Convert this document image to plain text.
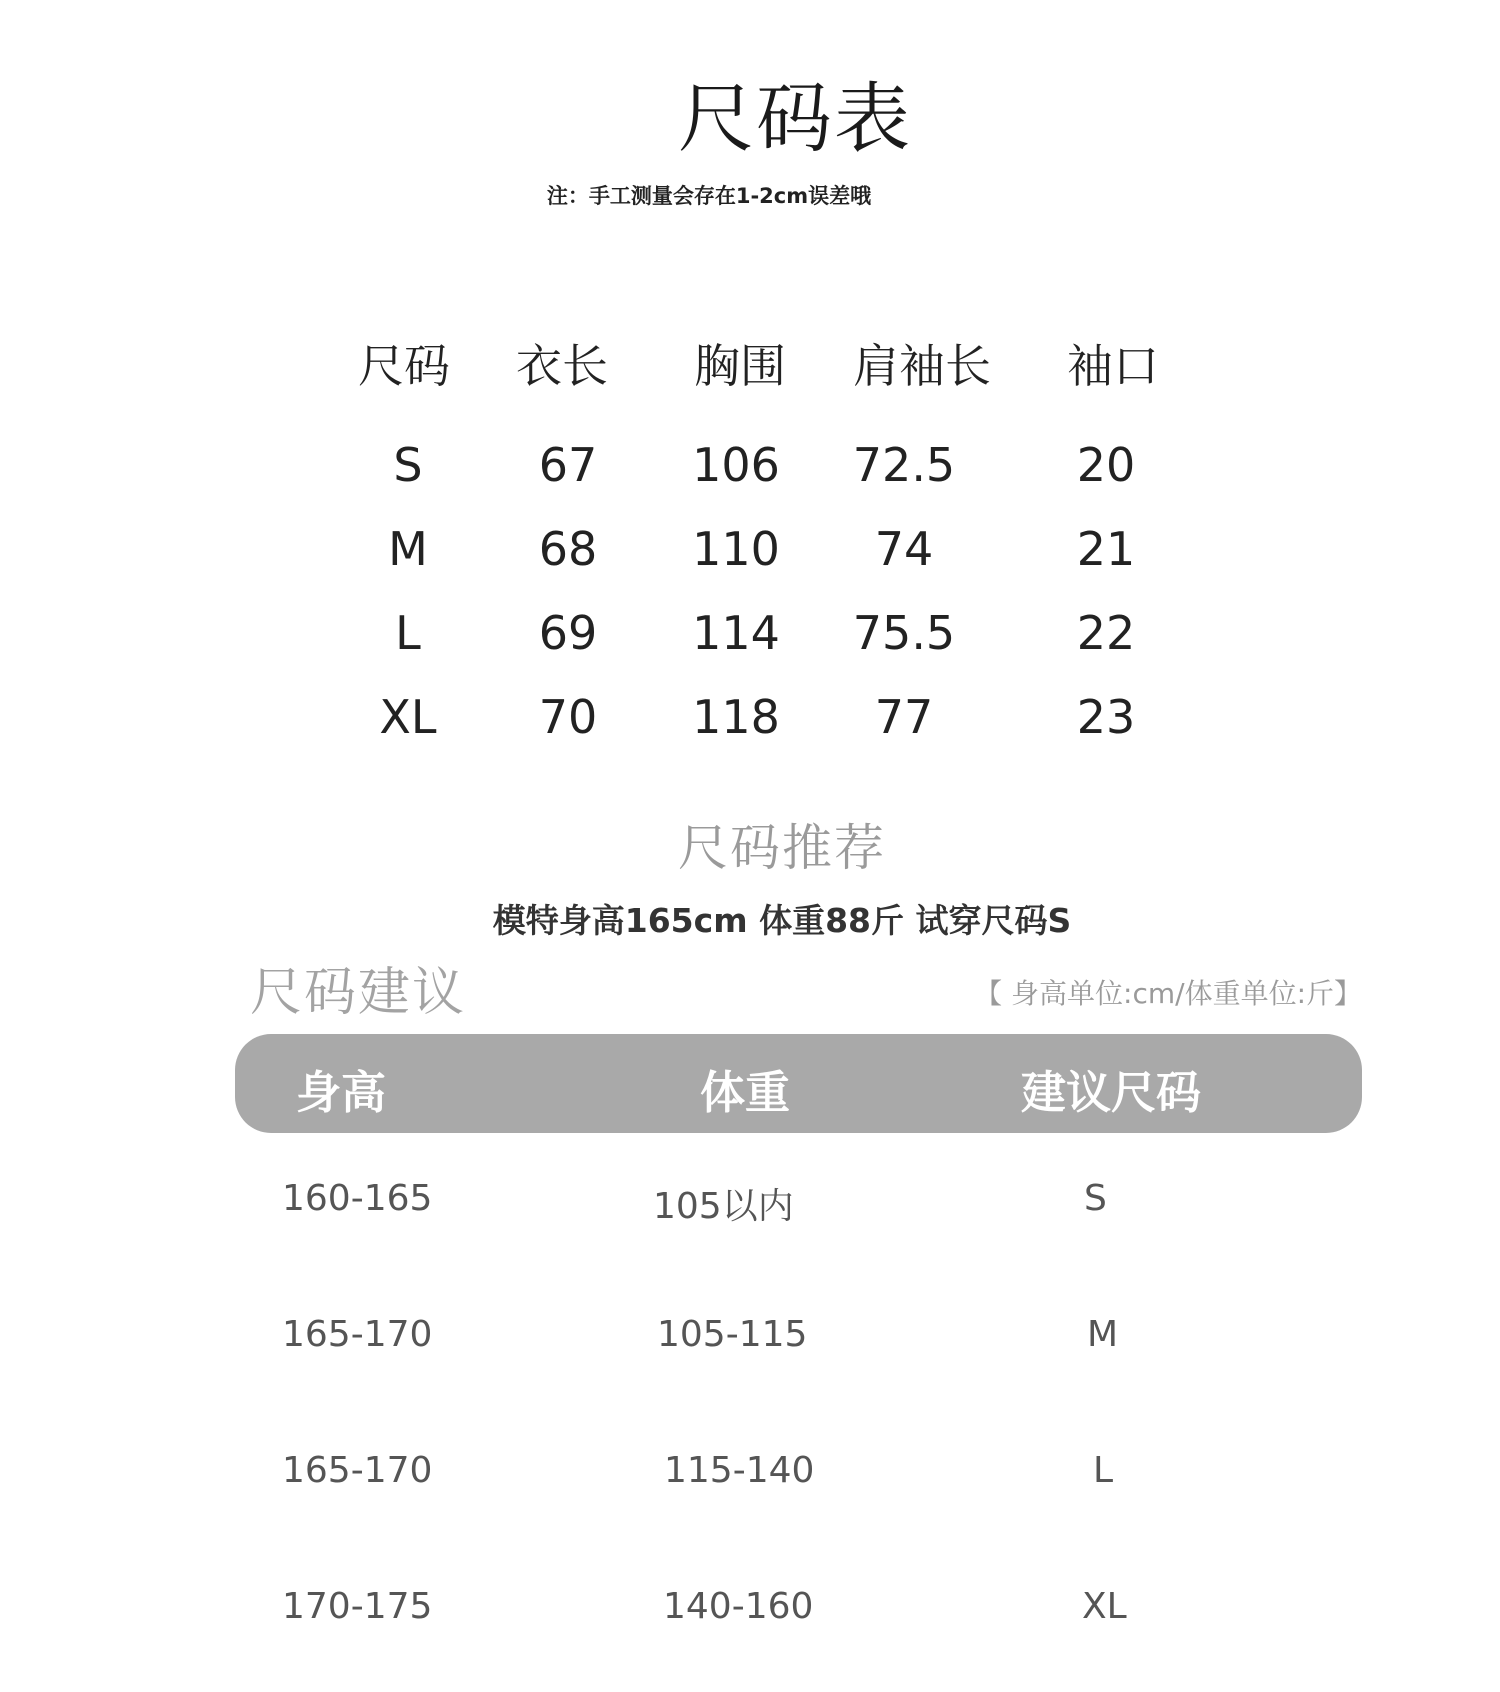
尺码表
注：手工测量会存在1-2cm误差哦
尺码	衣长	胸围	肩袖长	袖口
S	67	106	72.5	20
M	68	110	74	21
L	69	114	75.5	22
XL	70	118	77	23
尺码推荐
模特身高165cm 体重88斤 试穿尺码S
尺码建议	【 身高单位:cm/体重单位:斤】
身高	体重	建议尺码
160-165	105以内	S
165-170	105-115	M
165-170	115-140	L
170-175	140-160	XL
